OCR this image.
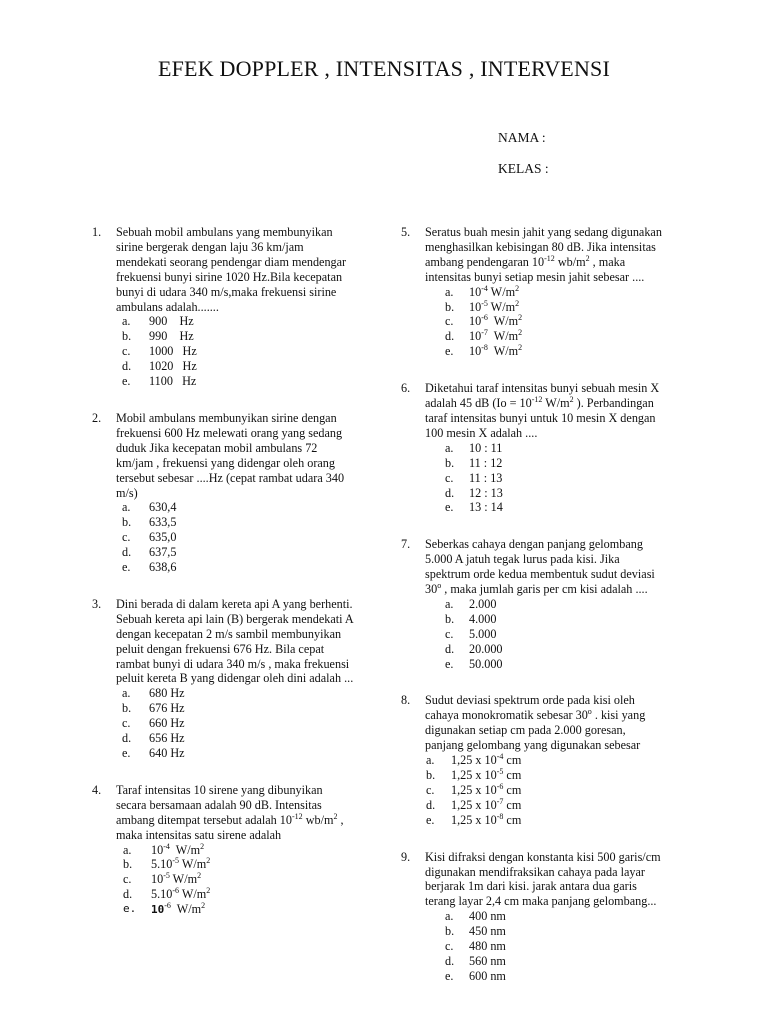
EFEK DOPPLER , INTENSITAS , INTERVENSI
NAMA :
KELAS :
1. Sebuah mobil ambulans yang membunyikan
sirine bergerak dengan laju 36 km/jam
mendekati seorang pendengar diam mendengar
frekuensi bunyi sirine 1020 Hz.Bila kecepatan
bunyi di udara 340 m/s,maka frekuensi sirine
ambulans adalah.......
a. 900    Hz
b. 990    Hz
c. 1000   Hz
d. 1020   Hz
e. 1100   Hz
2. Mobil ambulans membunyikan sirine dengan
frekuensi 600 Hz melewati orang yang sedang
duduk Jika kecepatan mobil ambulans 72
km/jam , frekuensi yang didengar oleh orang
tersebut sebesar ....Hz (cepat rambat udara 340
m/s)
a. 630,4
b. 633,5
c. 635,0
d. 637,5
e. 638,6
3. Dini berada di dalam kereta api A yang berhenti.
Sebuah kereta api lain (B) bergerak mendekati A
dengan kecepatan 2 m/s sambil membunyikan
peluit dengan frekuensi 676 Hz. Bila cepat
rambat bunyi di udara 340 m/s , maka frekuensi
peluit kereta B yang didengar oleh dini adalah ...
a. 680 Hz
b. 676 Hz
c. 660 Hz
d. 656 Hz
e. 640 Hz
4. Taraf intensitas 10 sirene yang dibunyikan
secara bersamaan adalah 90 dB. Intensitas
ambang ditempat tersebut adalah $10^{-12}$ $wb/m^2$ ,
maka intensitas satu sirene adalah
a. $10^{-4}$  $W/m^2$
b. $5.10^{-5}$ $W/m^2$
c. $10^{-5}$ $W/m^2$
d. $5.10^{-6}$ $W/m^2$
e. $10^{-6}$  $W/m^2$
5. Seratus buah mesin jahit yang sedang digunakan
menghasilkan kebisingan 80 dB. Jika intensitas
ambang pendengaran $10^{-12}$ $wb/m^2$ , maka
intensitas bunyi setiap mesin jahit sebesar ....
a. $10^{-4}$ $W/m^2$
b. $10^{-5}$ $W/m^2$
c. $10^{-6}$  $W/m^2$
d. $10^{-7}$  $W/m^2$
e. $10^{-8}$  $W/m^2$
6. Diketahui taraf intensitas bunyi sebuah mesin X
adalah 45 dB ($Io = 10^{-12}$ $W/m^2$ ). Perbandingan
taraf intensitas bunyi untuk 10 mesin X dengan
100 mesin X adalah ....
a. 10 : 11
b. 11 : 12
c. 11 : 13
d. 12 : 13
e. 13 : 14
7. Seberkas cahaya dengan panjang gelombang
5.000 A jatuh tegak lurus pada kisi. Jika
spektrum orde kedua membentuk sudut deviasi
30$^o$ , maka jumlah garis per cm kisi adalah ....
a. 2.000
b. 4.000
c. 5.000
d. 20.000
e. 50.000
8. Sudut deviasi spektrum orde pada kisi oleh
cahaya monokromatik sebesar 30$^o$ . kisi yang
digunakan setiap cm pada 2.000 goresan,
panjang gelombang yang digunakan sebesar
a. 1,25 x $10^{-4}$ cm
b. 1,25 x $10^{-5}$ cm
c. 1,25 x $10^{-6}$ cm
d. 1,25 x $10^{-7}$ cm
e. 1,25 x $10^{-8}$ cm
9. Kisi difraksi dengan konstanta kisi 500 garis/cm
digunakan mendifraksikan cahaya pada layar
berjarak 1m dari kisi. jarak antara dua garis
terang layar 2,4 cm maka panjang gelombang...
a. 400 nm
b. 450 nm
c. 480 nm
d. 560 nm
e. 600 nm
